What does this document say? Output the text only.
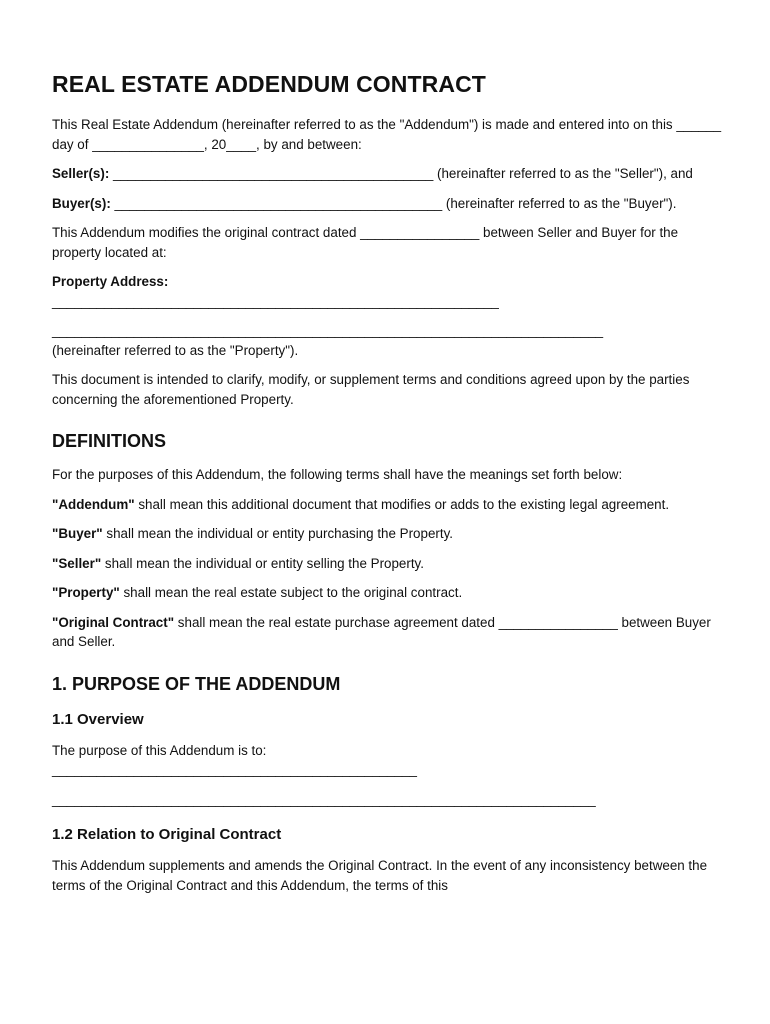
REAL ESTATE ADDENDUM CONTRACT

This Real Estate Addendum (hereinafter referred to as the "Addendum") is made and entered into on this ______ day of _______________, 20____, by and between:

Seller(s): ___________________________________________ (hereinafter referred to as the "Seller"), and

Buyer(s): ____________________________________________ (hereinafter referred to as the "Buyer").

This Addendum modifies the original contract dated ________________ between Seller and Buyer for the property located at:

Property Address:

____________________________________________________________

__________________________________________________________________________

(hereinafter referred to as the "Property").

This document is intended to clarify, modify, or supplement terms and conditions agreed upon by the parties concerning the aforementioned Property.

DEFINITIONS

For the purposes of this Addendum, the following terms shall have the meanings set forth below:

"Addendum" shall mean this additional document that modifies or adds to the existing legal agreement.

"Buyer" shall mean the individual or entity purchasing the Property.

"Seller" shall mean the individual or entity selling the Property.

"Property" shall mean the real estate subject to the original contract.

"Original Contract" shall mean the real estate purchase agreement dated ________________ between Buyer and Seller.

1. PURPOSE OF THE ADDENDUM
1.1 Overview

The purpose of this Addendum is to:

_________________________________________________

_________________________________________________________________________

1.2 Relation to Original Contract

This Addendum supplements and amends the Original Contract. In the event of any inconsistency between the terms of the Original Contract and this Addendum, the terms of this
